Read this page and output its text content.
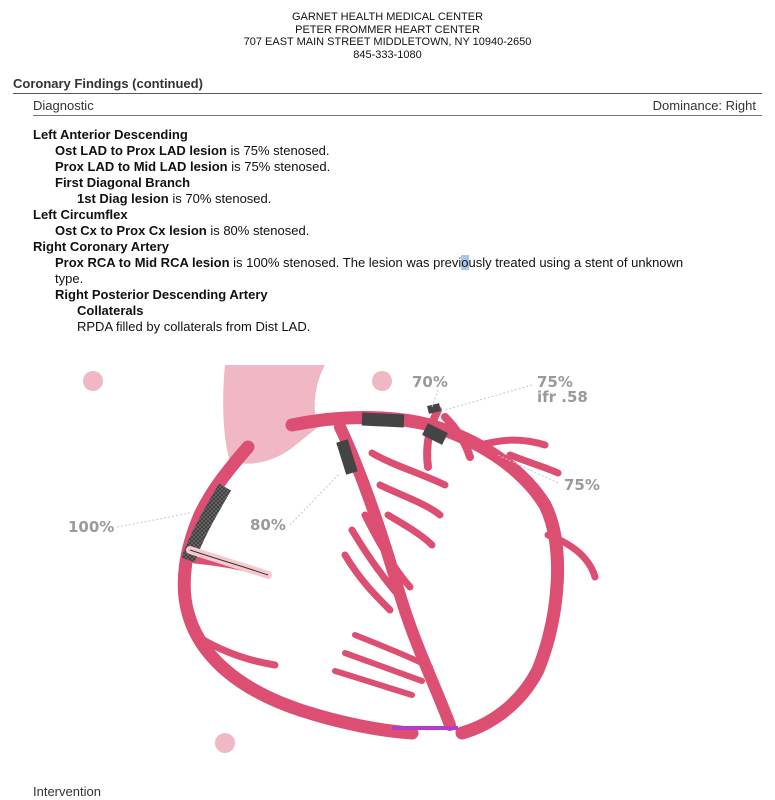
GARNET HEALTH MEDICAL CENTER
PETER FROMMER HEART CENTER
707 EAST MAIN STREET MIDDLETOWN, NY 10940-2650
845-333-1080
Coronary Findings (continued)
Diagnostic	Dominance: Right
Left Anterior Descending
Ost LAD to Prox LAD lesion is 75% stenosed.
Prox LAD to Mid LAD lesion is 75% stenosed.
First Diagonal Branch
1st Diag lesion is 70% stenosed.
Left Circumflex
Ost Cx to Prox Cx lesion is 80% stenosed.
Right Coronary Artery
Prox RCA to Mid RCA lesion is 100% stenosed. The lesion was previously treated using a stent of unknown
type.
Right Posterior Descending Artery
Collaterals
RPDA filled by collaterals from Dist LAD.
100%	80%
70%	75%
ifr .58
75%
Intervention
